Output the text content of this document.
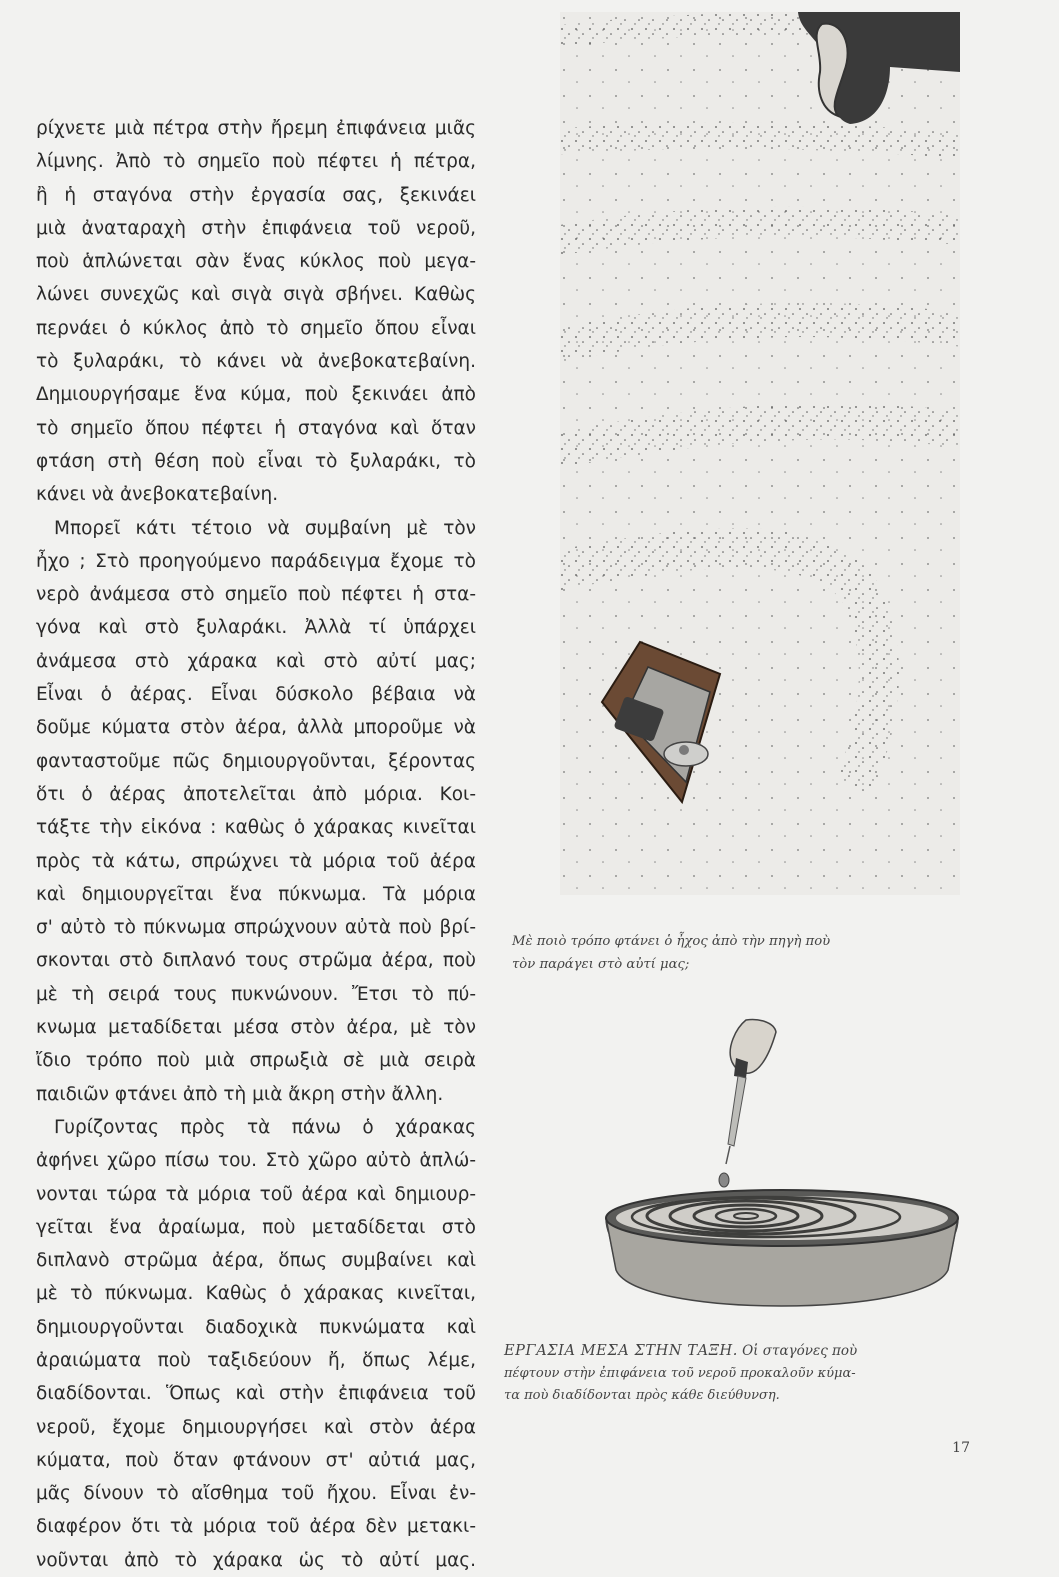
ρίχνετε μιὰ πέτρα στὴν ἤρεμη ἐπιφάνεια μιᾶς
λίμνης. Ἀπὸ τὸ σημεῖο ποὺ πέφτει ἡ πέτρα,
ἢ ἡ σταγόνα στὴν ἐργασία σας, ξεκινάει
μιὰ ἀναταραχὴ στὴν ἐπιφάνεια τοῦ νεροῦ,
ποὺ ἁπλώνεται σὰν ἕνας κύκλος ποὺ μεγα-
λώνει συνεχῶς καὶ σιγὰ σιγὰ σβήνει. Καθὼς
περνάει ὁ κύκλος ἀπὸ τὸ σημεῖο ὅπου εἶναι
τὸ ξυλαράκι, τὸ κάνει νὰ ἀνεβοκατεβαίνη.
Δημιουργήσαμε ἕνα κύμα, ποὺ ξεκινάει ἀπὸ
τὸ σημεῖο ὅπου πέφτει ἡ σταγόνα καὶ ὅταν
φτάση στὴ θέση ποὺ εἶναι τὸ ξυλαράκι, τὸ
κάνει νὰ ἀνεβοκατεβαίνη.
Μπορεῖ κάτι τέτοιο νὰ συμβαίνη μὲ τὸν
ἦχο ; Στὸ προηγούμενο παράδειγμα ἔχομε τὸ
νερὸ ἀνάμεσα στὸ σημεῖο ποὺ πέφτει ἡ στα-
γόνα καὶ στὸ ξυλαράκι. Ἀλλὰ τί ὑπάρχει
ἀνάμεσα στὸ χάρακα καὶ στὸ αὐτί μας;
Εἶναι ὁ ἀέρας. Εἶναι δύσκολο βέβαια νὰ
δοῦμε κύματα στὸν ἀέρα, ἀλλὰ μποροῦμε νὰ
φανταστοῦμε πῶς δημιουργοῦνται, ξέροντας
ὅτι ὁ ἀέρας ἀποτελεῖται ἀπὸ μόρια. Κοι-
τάξτε τὴν εἰκόνα : καθὼς ὁ χάρακας κινεῖται
πρὸς τὰ κάτω, σπρώχνει τὰ μόρια τοῦ ἀέρα
καὶ δημιουργεῖται ἕνα πύκνωμα. Τὰ μόρια
σ' αὐτὸ τὸ πύκνωμα σπρώχνουν αὐτὰ ποὺ βρί-
σκονται στὸ διπλανό τους στρῶμα ἀέρα, ποὺ
μὲ τὴ σειρά τους πυκνώνουν. Ἔτσι τὸ πύ-
κνωμα μεταδίδεται μέσα στὸν ἀέρα, μὲ τὸν
ἴδιο τρόπο ποὺ μιὰ σπρωξιὰ σὲ μιὰ σειρὰ
παιδιῶν φτάνει ἀπὸ τὴ μιὰ ἄκρη στὴν ἄλλη.
Γυρίζοντας πρὸς τὰ πάνω ὁ χάρακας
ἀφήνει χῶρο πίσω του. Στὸ χῶρο αὐτὸ ἁπλώ-
νονται τώρα τὰ μόρια τοῦ ἀέρα καὶ δημιουρ-
γεῖται ἕνα ἀραίωμα, ποὺ μεταδίδεται στὸ
διπλανὸ στρῶμα ἀέρα, ὅπως συμβαίνει καὶ
μὲ τὸ πύκνωμα. Καθὼς ὁ χάρακας κινεῖται,
δημιουργοῦνται διαδοχικὰ πυκνώματα καὶ
ἀραιώματα ποὺ ταξιδεύουν ἤ, ὅπως λέμε,
διαδίδονται. Ὅπως καὶ στὴν ἐπιφάνεια τοῦ
νεροῦ, ἔχομε δημιουργήσει καὶ στὸν ἀέρα
κύματα, ποὺ ὅταν φτάνουν στ' αὐτιά μας,
μᾶς δίνουν τὸ αἴσθημα τοῦ ἤχου. Εἶναι ἐν-
διαφέρον ὅτι τὰ μόρια τοῦ ἀέρα δὲν μετακι-
νοῦνται ἀπὸ τὸ χάρακα ὡς τὸ αὐτί μας.
Μὲ ποιὸ τρόπο φτάνει ὁ ἦχος ἀπὸ τὴν πηγὴ ποὺ
τὸν παράγει στὸ αὐτί μας;
ΕΡΓΑΣΙΑ ΜΕΣΑ ΣΤΗΝ ΤΑΞΗ. Οἱ σταγόνες ποὺ
πέφτουν στὴν ἐπιφάνεια τοῦ νεροῦ προκαλοῦν κύμα-
τα ποὺ διαδίδονται πρὸς κάθε διεύθυνση.
17
